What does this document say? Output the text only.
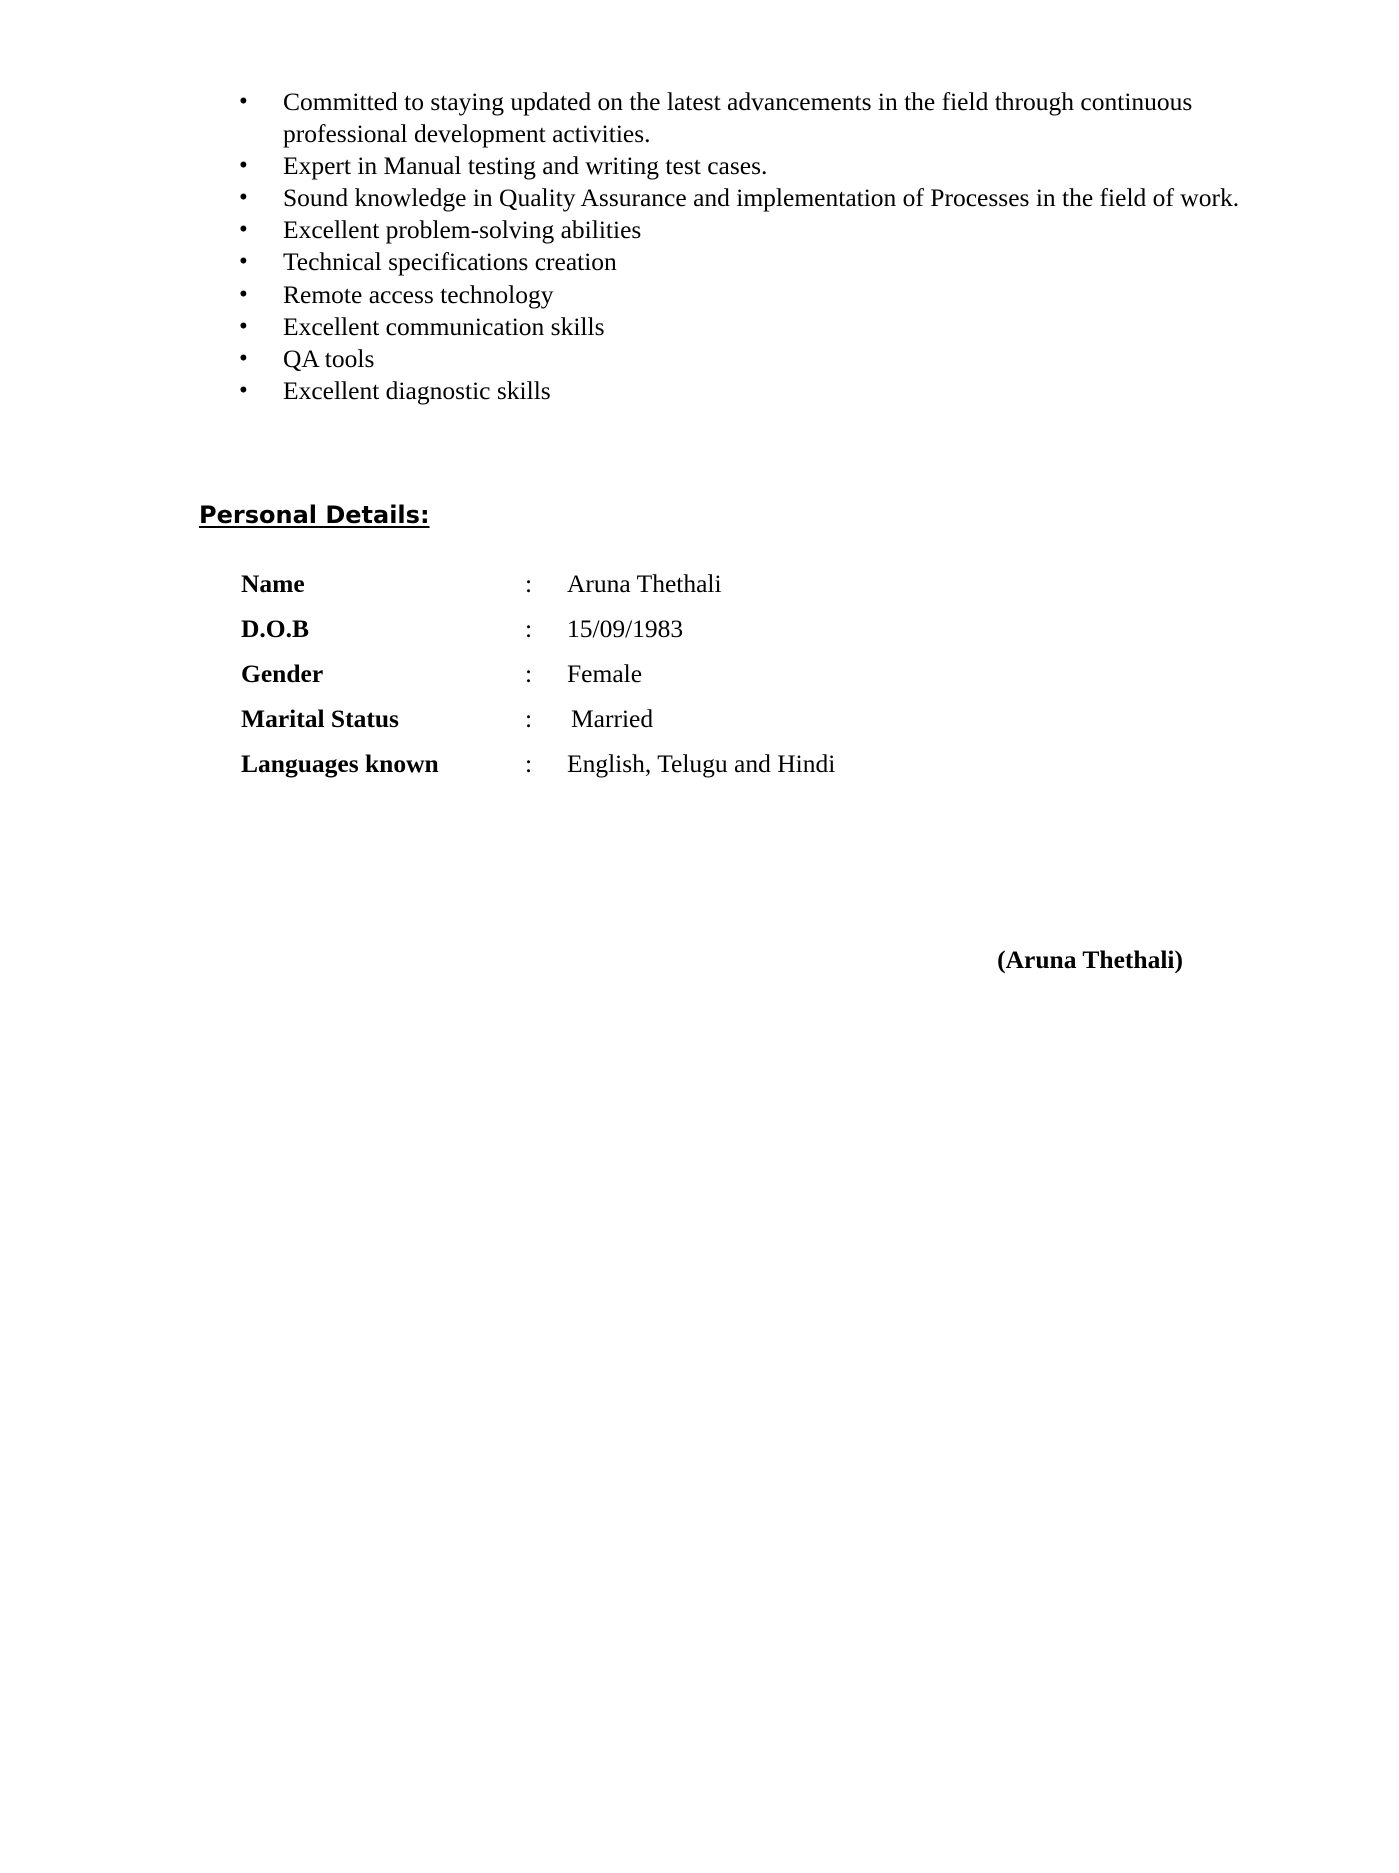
•	Committed to staying updated on the latest advancements in the field through continuous professional development activities.
•	Expert in Manual testing and writing test cases.
•	Sound knowledge in Quality Assurance and implementation of Processes in the field of work.
•	Excellent problem-solving abilities
•	Technical specifications creation
•	Remote access technology
•	Excellent communication skills
•	QA tools
•	Excellent diagnostic skills
Personal Details:
Name	:	Aruna Thethali
D.O.B	:	15/09/1983
Gender	:	Female
Marital Status	:	Married
Languages known	:	English, Telugu and Hindi

(Aruna Thethali)
